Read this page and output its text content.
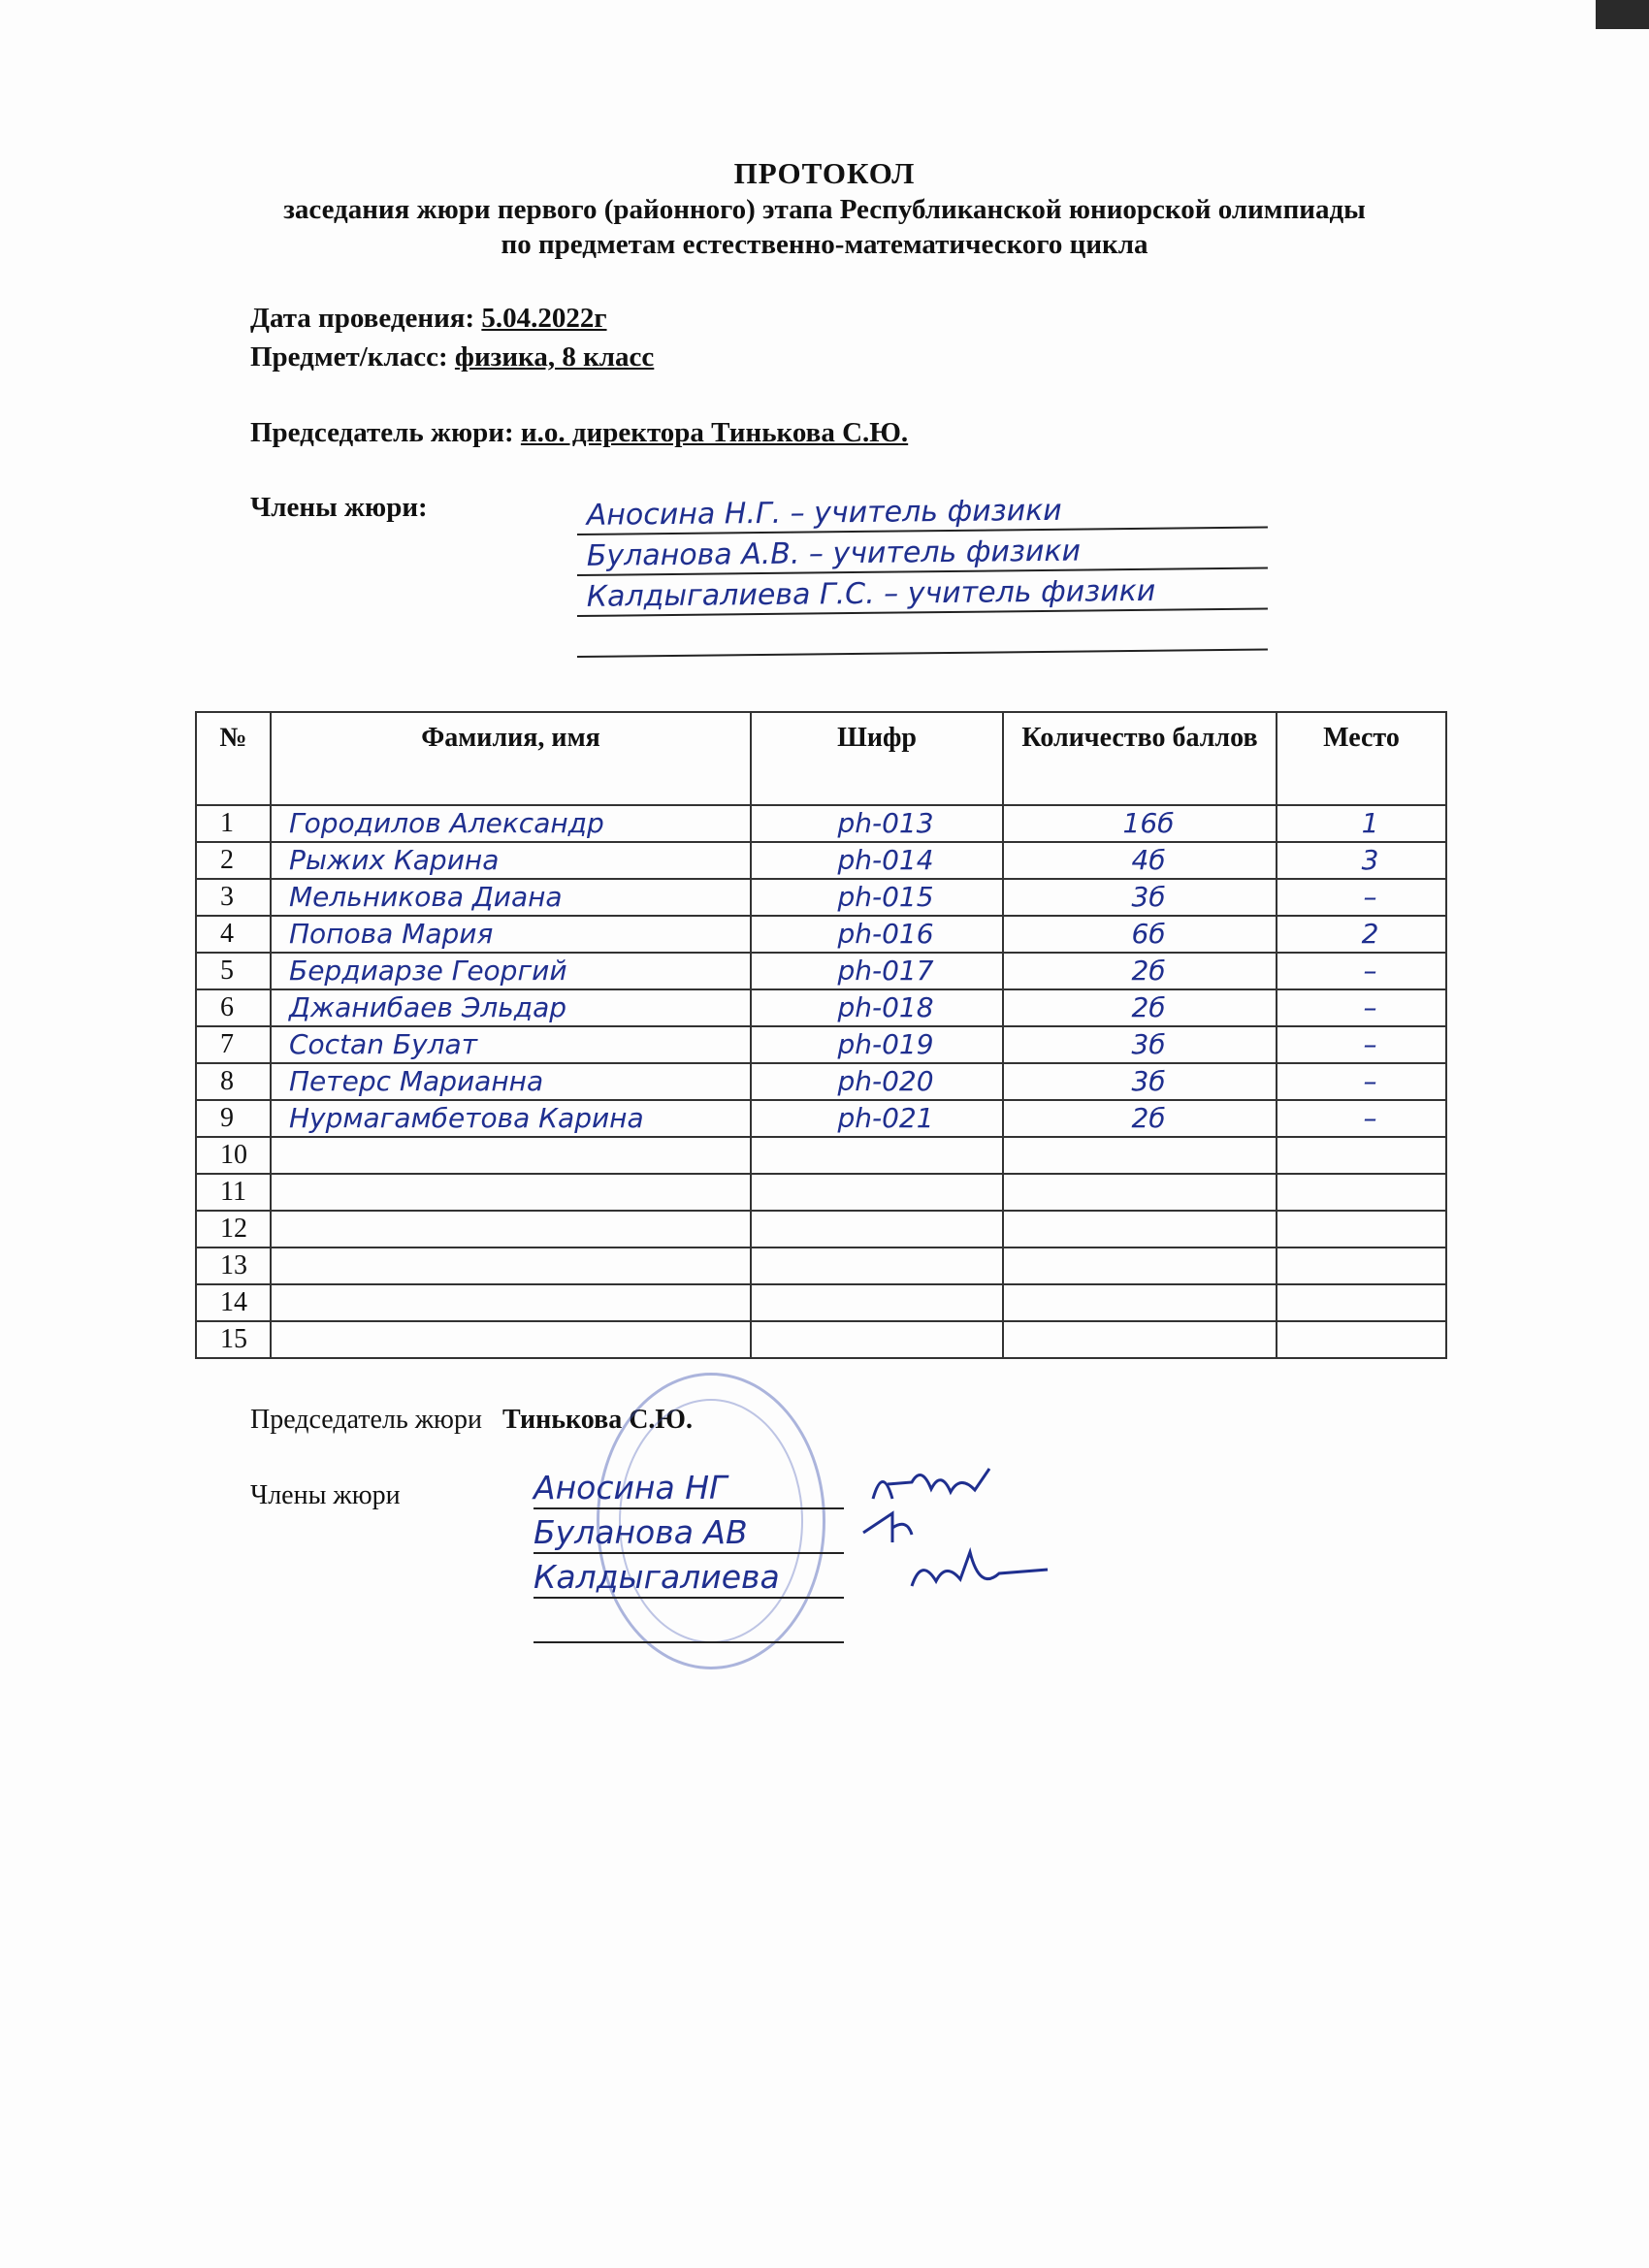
ПРОТОКОЛ
заседания жюри первого (районного) этапа Республиканской юниорской олимпиады
по предметам естественно-математического цикла
Дата проведения: 5.04.2022г
Предмет/класс: физика, 8 класс
Председатель жюри: и.о. директора Тинькова С.Ю.
Члены жюри:	Аносина Н.Г. – учитель физики
Буланова А.В. – учитель физики
Калдыгалиева Г.С. – учитель физики
№	Фамилия, имя	Шифр	Количество баллов	Место
1	Городилов Александр	ph-013	16б	1
2	Рыжих Карина	ph-014	4б	3
3	Мельникова Диана	ph-015	3б	–
4	Попова Мария	ph-016	6б	2
5	Бердиарзе Георгий	ph-017	2б	–
6	Джанибаев Эльдар	ph-018	2б	–
7	Сосtan Булат	ph-019	3б	–
8	Петерс Марианна	ph-020	3б	–
9	Нурмагамбетова Карина	ph-021	2б	–
10				
11				
12				
13				
14				
15				
Председатель жюри Тинькова С.Ю.
Члены жюри	Аносина НГ
Буланова АВ
Калдыгалиева
